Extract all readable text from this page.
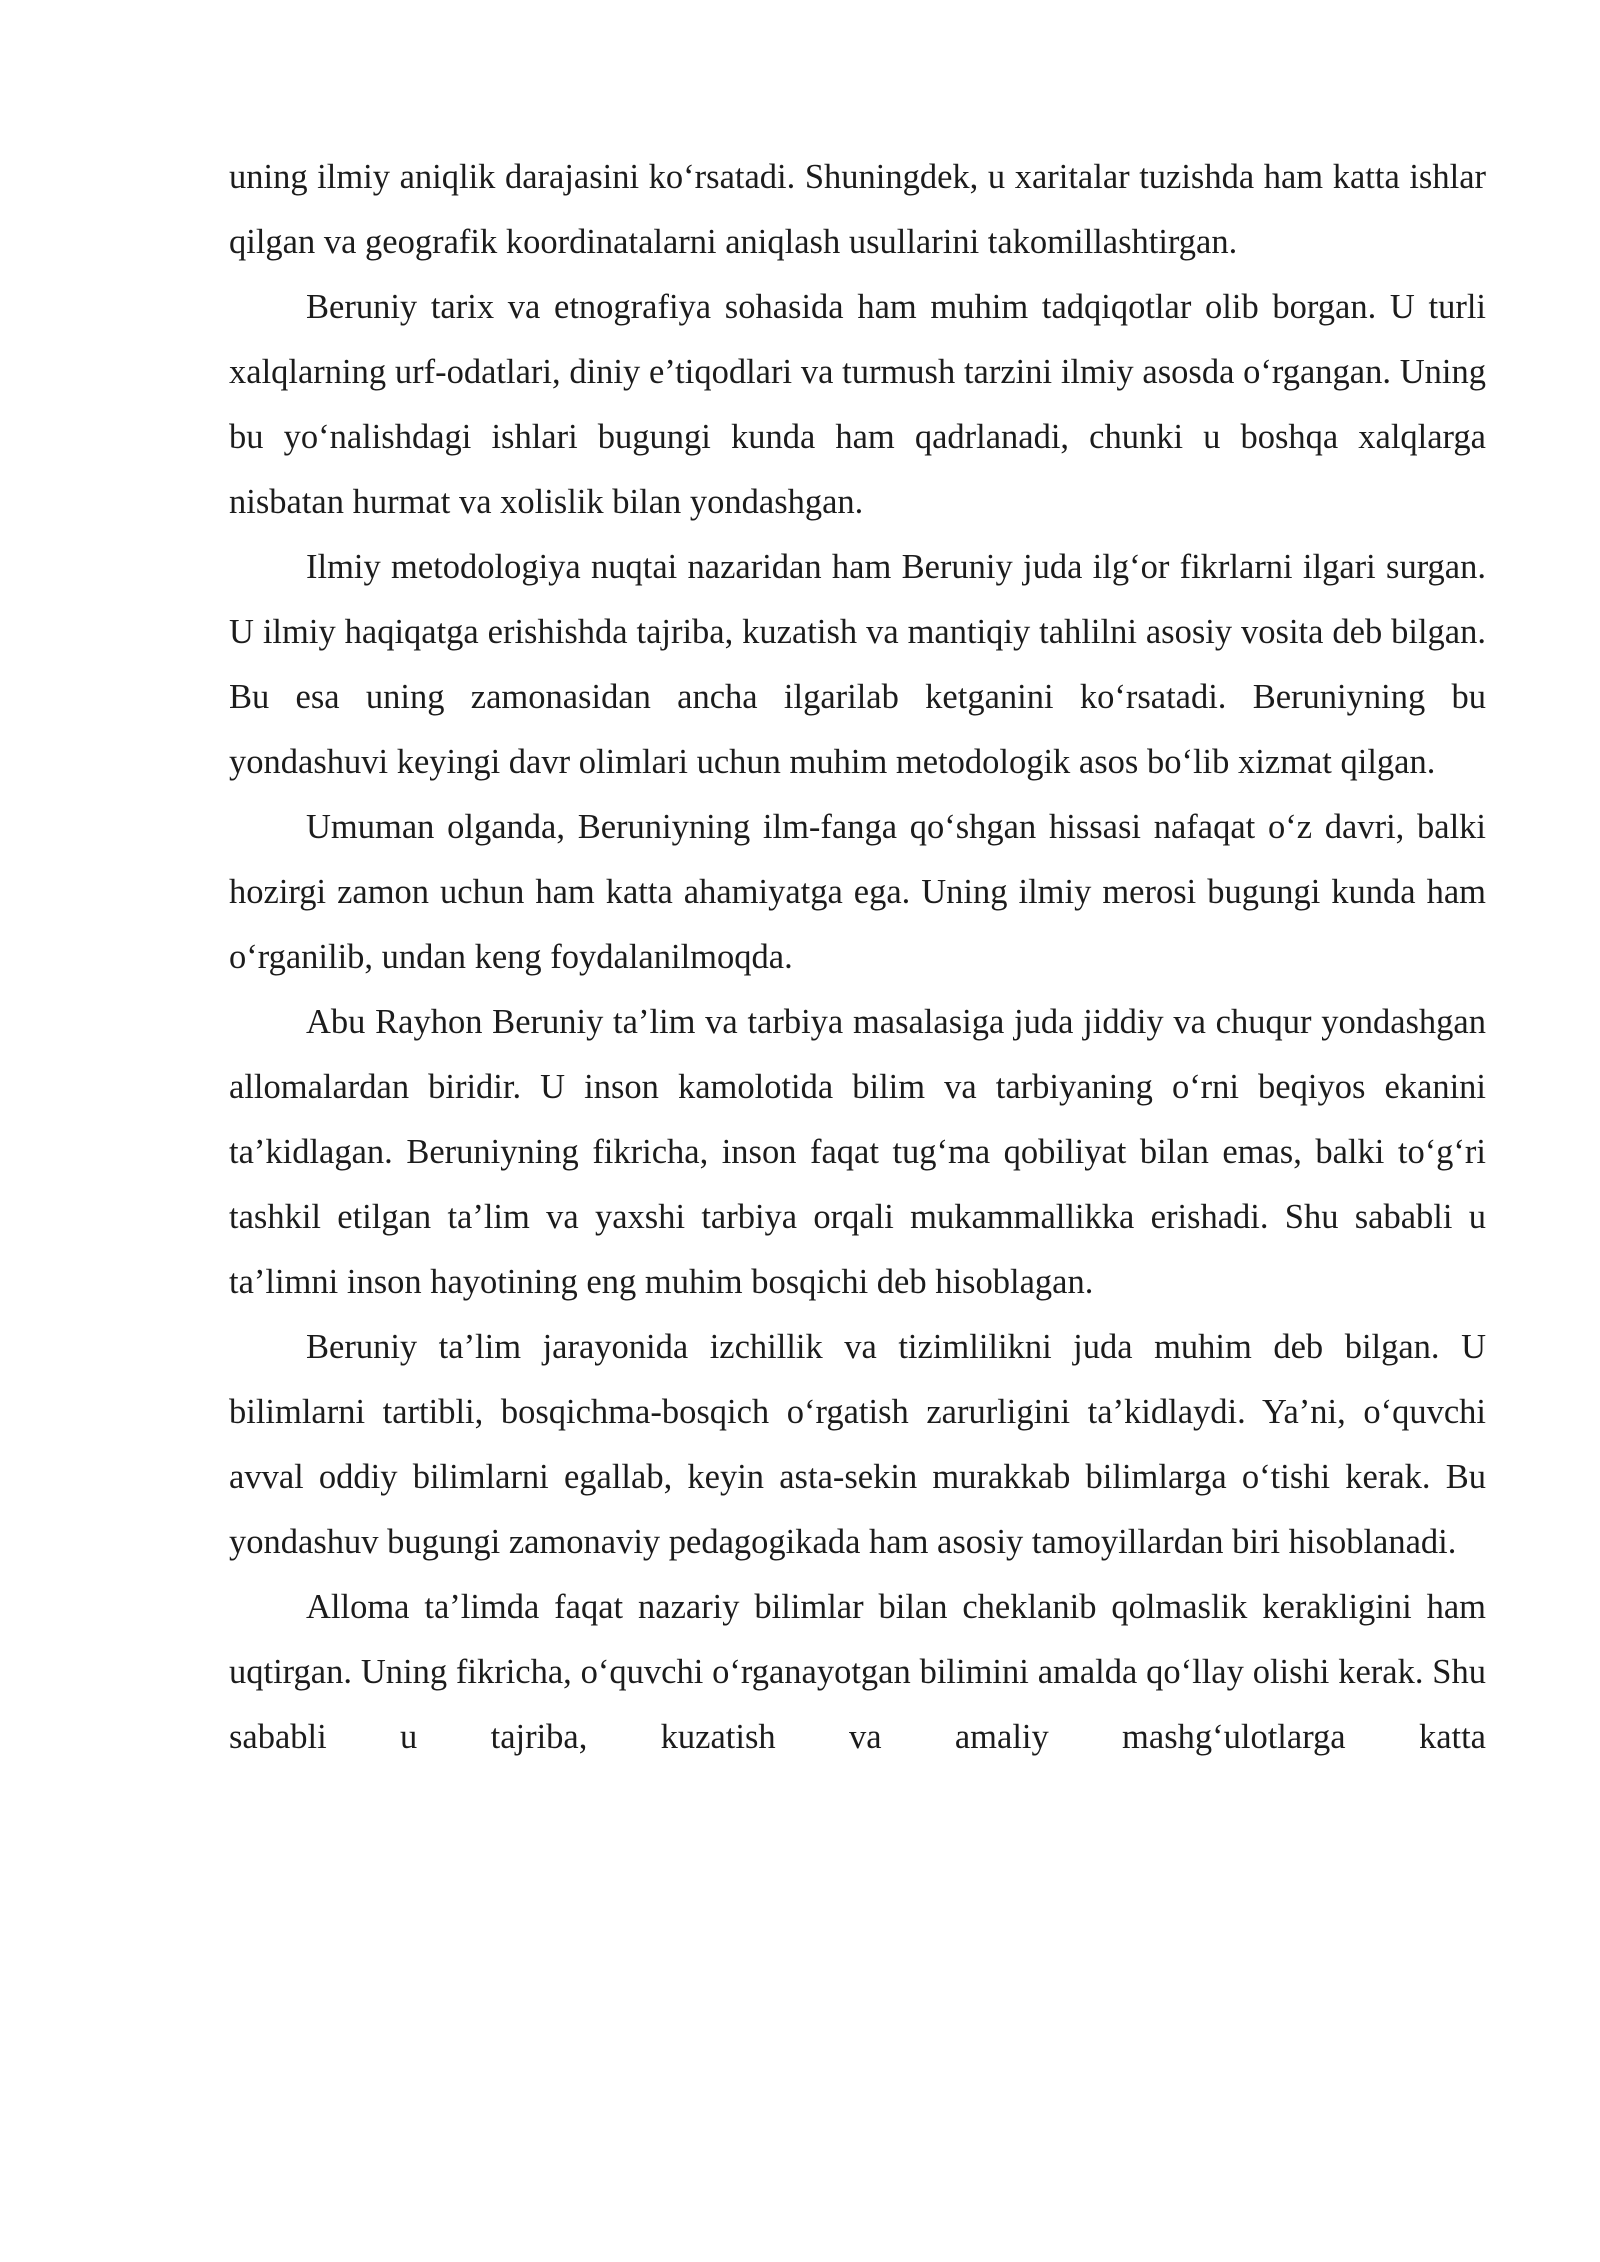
uning ilmiy aniqlik darajasini ko‘rsatadi. Shuningdek, u xaritalar tuzishda ham katta ishlar qilgan va geografik koordinatalarni aniqlash usullarini takomillashtirgan.

Beruniy tarix va etnografiya sohasida ham muhim tadqiqotlar olib borgan. U turli xalqlarning urf-odatlari, diniy e’tiqodlari va turmush tarzini ilmiy asosda o‘rgangan. Uning bu yo‘nalishdagi ishlari bugungi kunda ham qadrlanadi, chunki u boshqa xalqlarga nisbatan hurmat va xolislik bilan yondashgan.

Ilmiy metodologiya nuqtai nazaridan ham Beruniy juda ilg‘or fikrlarni ilgari surgan. U ilmiy haqiqatga erishishda tajriba, kuzatish va mantiqiy tahlilni asosiy vosita deb bilgan. Bu esa uning zamonasidan ancha ilgarilab ketganini ko‘rsatadi. Beruniyning bu yondashuvi keyingi davr olimlari uchun muhim metodologik asos bo‘lib xizmat qilgan.

Umuman olganda, Beruniyning ilm-fanga qo‘shgan hissasi nafaqat o‘z davri, balki hozirgi zamon uchun ham katta ahamiyatga ega. Uning ilmiy merosi bugungi kunda ham o‘rganilib, undan keng foydalanilmoqda.

Abu Rayhon Beruniy ta’lim va tarbiya masalasiga juda jiddiy va chuqur yondashgan allomalardan biridir. U inson kamolotida bilim va tarbiyaning o‘rni beqiyos ekanini ta’kidlagan. Beruniyning fikricha, inson faqat tug‘ma qobiliyat bilan emas, balki to‘g‘ri tashkil etilgan ta’lim va yaxshi tarbiya orqali mukammallikka erishadi. Shu sababli u ta’limni inson hayotining eng muhim bosqichi deb hisoblagan.

Beruniy ta’lim jarayonida izchillik va tizimlilikni juda muhim deb bilgan. U bilimlarni tartibli, bosqichma-bosqich o‘rgatish zarurligini ta’kidlaydi. Ya’ni, o‘quvchi avval oddiy bilimlarni egallab, keyin asta-sekin murakkab bilimlarga o‘tishi kerak. Bu yondashuv bugungi zamonaviy pedagogikada ham asosiy tamoyillardan biri hisoblanadi.

Alloma ta’limda faqat nazariy bilimlar bilan cheklanib qolmaslik kerakligini ham uqtirgan. Uning fikricha, o‘quvchi o‘rganayotgan bilimini amalda qo‘llay olishi kerak. Shu sababli u tajriba, kuzatish va amaliy mashg‘ulotlarga katta
